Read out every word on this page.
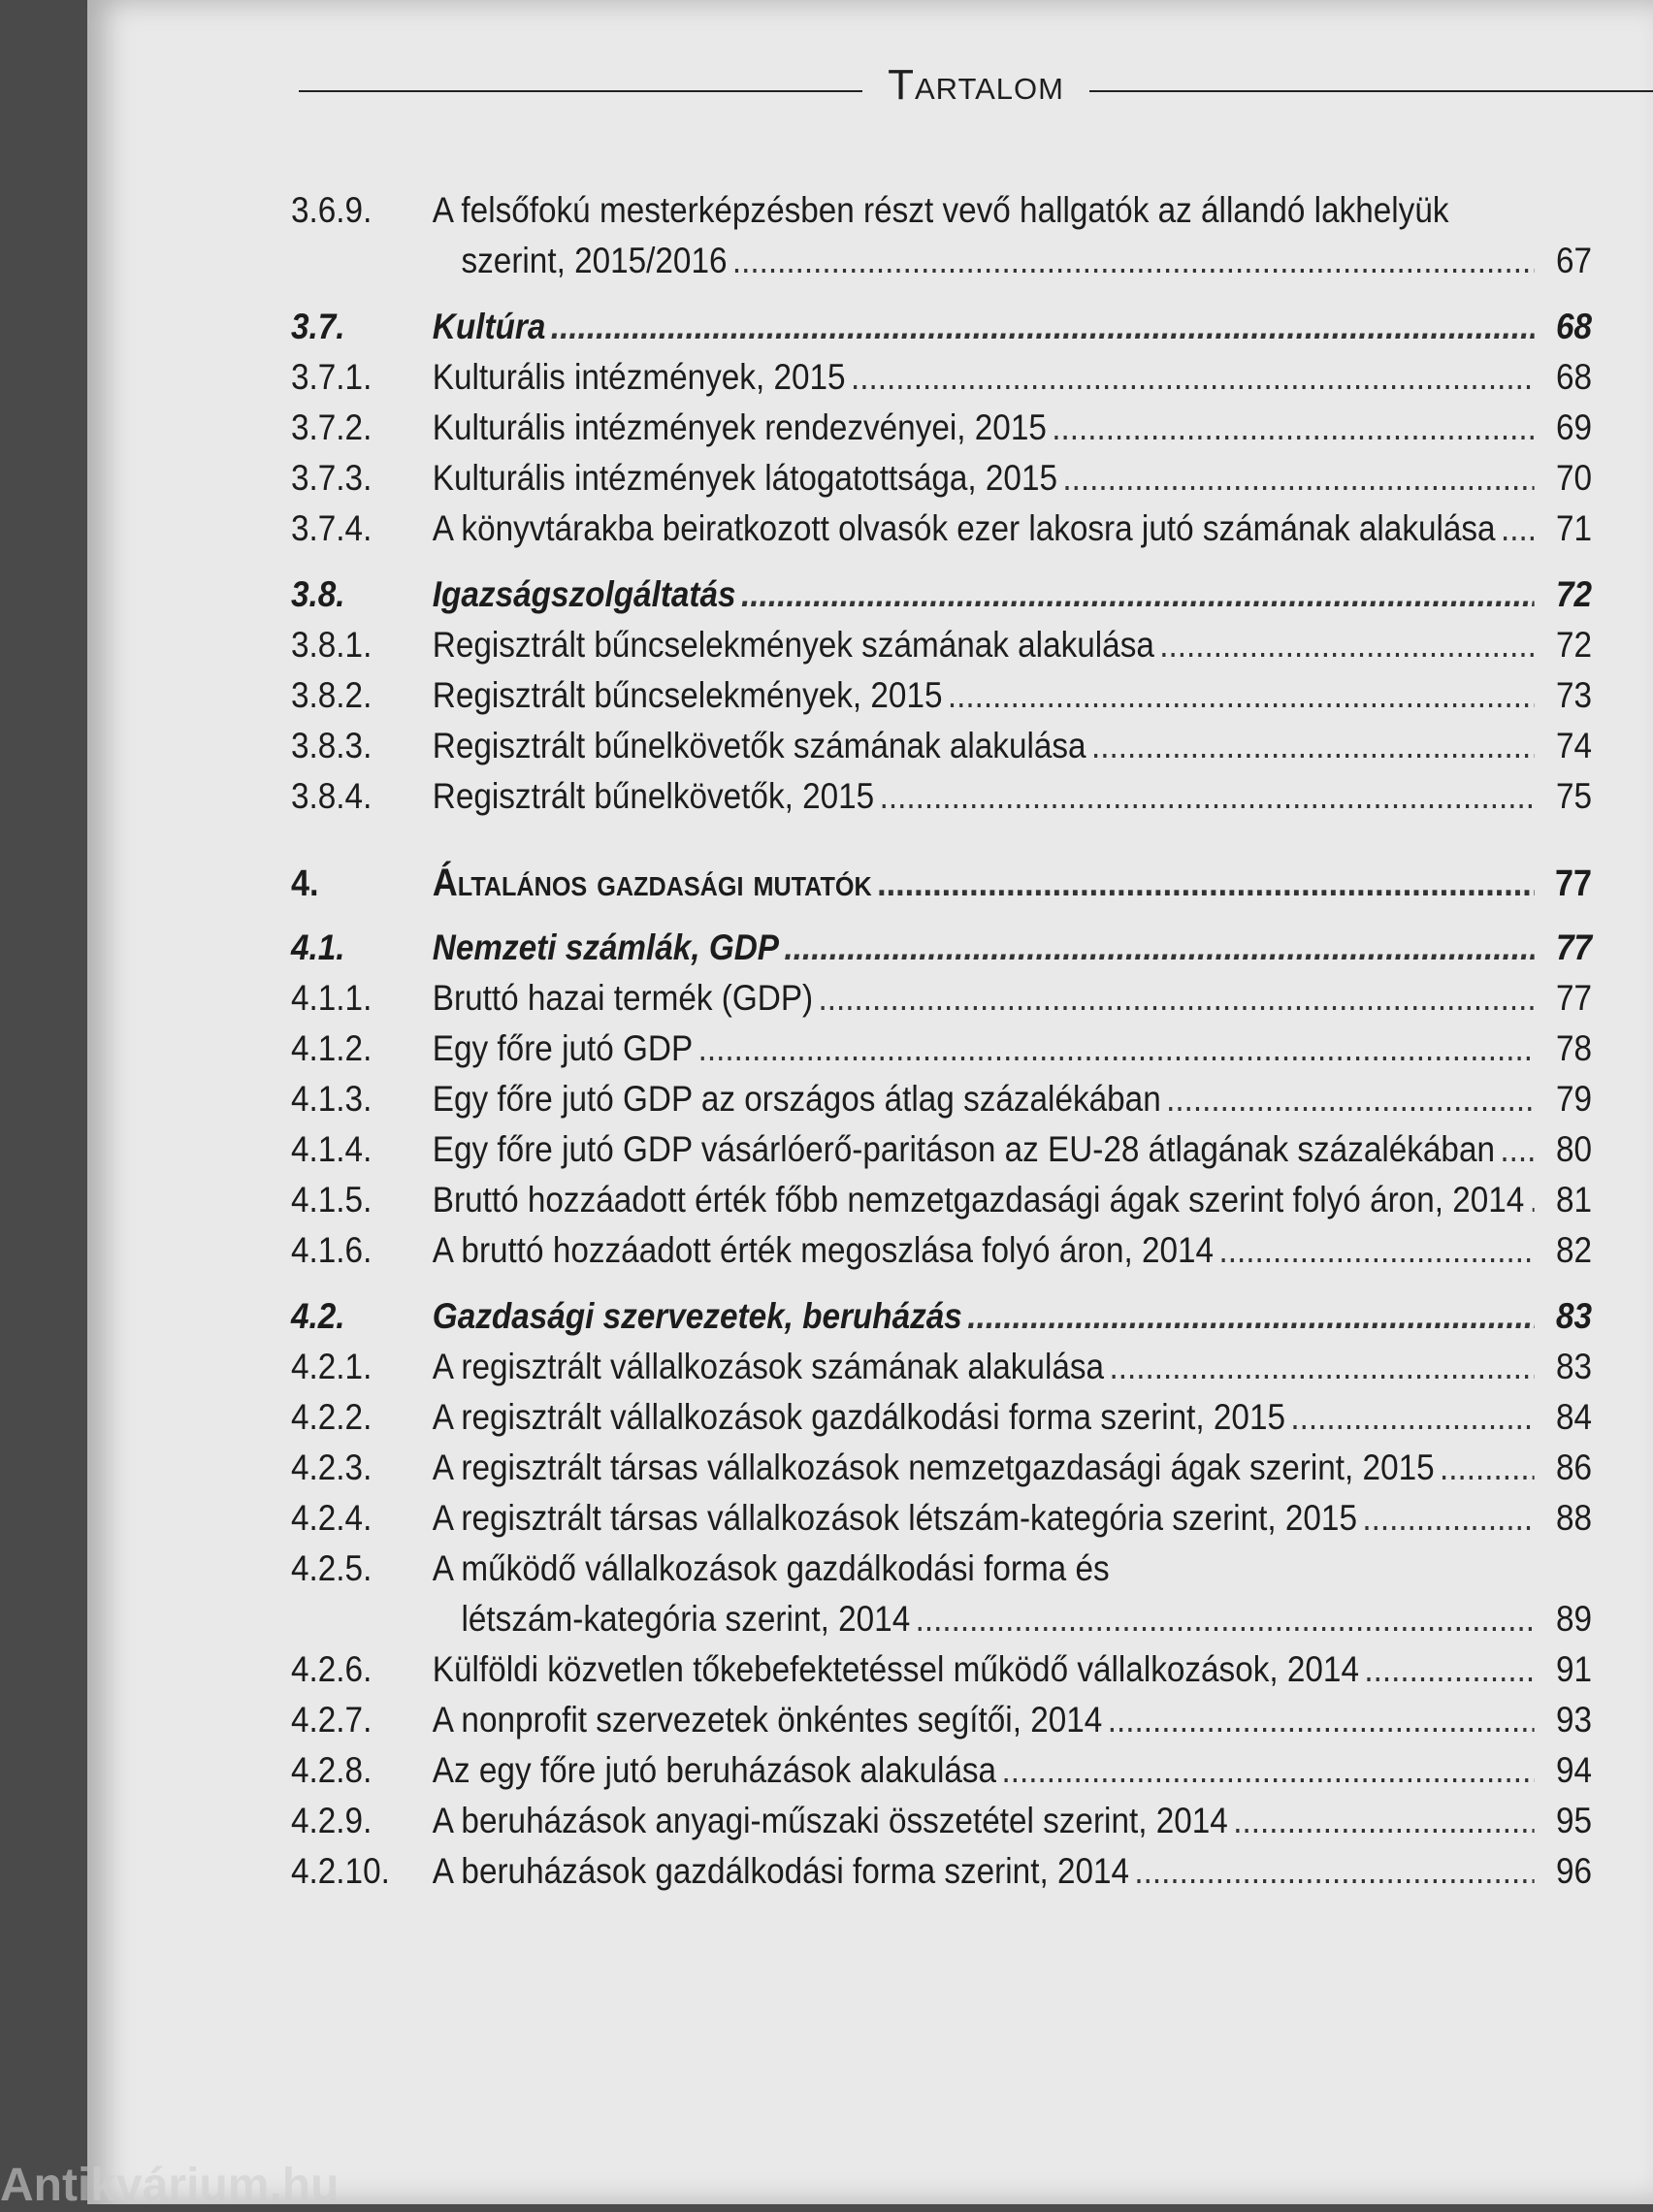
Tartalom
3.6.9.	A felsőfokú mesterképzésben részt vevő hallgatók az állandó lakhelyük
szerint, 2015/2016 .....	67
3.7.	Kultúra .....	68
3.7.1.	Kulturális intézmények, 2015 .....	68
3.7.2.	Kulturális intézmények rendezvényei, 2015 .....	69
3.7.3.	Kulturális intézmények látogatottsága, 2015 .....	70
3.7.4.	A könyvtárakba beiratkozott olvasók ezer lakosra jutó számának alakulása .....	71
3.8.	Igazságszolgáltatás .....	72
3.8.1.	Regisztrált bűncselekmények számának alakulása .....	72
3.8.2.	Regisztrált bűncselekmények, 2015 .....	73
3.8.3.	Regisztrált bűnelkövetők számának alakulása .....	74
3.8.4.	Regisztrált bűnelkövetők, 2015 .....	75
4.	Általános gazdasági mutatók .....	77
4.1.	Nemzeti számlák, GDP .....	77
4.1.1.	Bruttó hazai termék (GDP) .....	77
4.1.2.	Egy főre jutó GDP .....	78
4.1.3.	Egy főre jutó GDP az országos átlag százalékában .....	79
4.1.4.	Egy főre jutó GDP vásárlóerő-paritáson az EU-28 átlagának százalékában .....	80
4.1.5.	Bruttó hozzáadott érték főbb nemzetgazdasági ágak szerint folyó áron, 2014 ..... 81
4.1.6.	A bruttó hozzáadott érték megoszlása folyó áron, 2014 .....	82
4.2.	Gazdasági szervezetek, beruházás .....	83
4.2.1.	A regisztrált vállalkozások számának alakulása .....	83
4.2.2.	A regisztrált vállalkozások gazdálkodási forma szerint, 2015 .....	84
4.2.3.	A regisztrált társas vállalkozások nemzetgazdasági ágak szerint, 2015 .....	86
4.2.4.	A regisztrált társas vállalkozások létszám-kategória szerint, 2015 .....	88
4.2.5.	A működő vállalkozások gazdálkodási forma és
létszám-kategória szerint, 2014 .....	89
4.2.6.	Külföldi közvetlen tőkebefektetéssel működő vállalkozások, 2014 .....	91
4.2.7.	A nonprofit szervezetek önkéntes segítői, 2014 .....	93
4.2.8.	Az egy főre jutó beruházások alakulása .....	94
4.2.9.	A beruházások anyagi-műszaki összetétel szerint, 2014 .....	95
4.2.10.	A beruházások gazdálkodási forma szerint, 2014 .....	96
Antikvárium.hu
